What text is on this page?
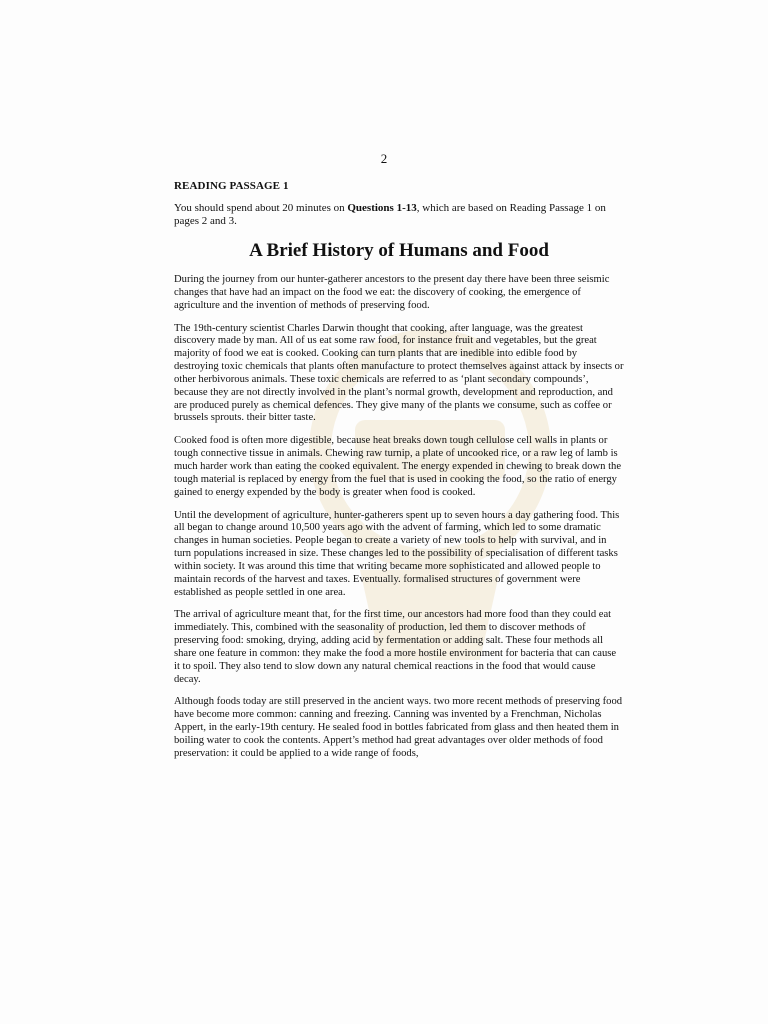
2

READING PASSAGE 1

You should spend about 20 minutes on Questions 1-13, which are based on Reading Passage 1 on pages 2 and 3.

A Brief History of Humans and Food

During the journey from our hunter-gatherer ancestors to the present day there have been three seismic changes that have had an impact on the food we eat: the discovery of cooking, the emergence of agriculture and the invention of methods of preserving food.

The 19th-century scientist Charles Darwin thought that cooking, after language, was the greatest discovery made by man. All of us eat some raw food, for instance fruit and vegetables, but the great majority of food we eat is cooked. Cooking can turn plants that are inedible into edible food by destroying toxic chemicals that plants often manufacture to protect themselves against attack by insects or other herbivorous animals. These toxic chemicals are referred to as ‘plant secondary compounds’, because they are not directly involved in the plant’s normal growth, development and reproduction, and are produced purely as chemical defences. They give many of the plants we consume, such as coffee or brussels sprouts. their bitter taste.

Cooked food is often more digestible, because heat breaks down tough cellulose cell walls in plants or tough connective tissue in animals. Chewing raw turnip, a plate of uncooked rice, or a raw leg of lamb is much harder work than eating the cooked equivalent. The energy expended in chewing to break down the tough material is replaced by energy from the fuel that is used in cooking the food, so the ratio of energy gained to energy expended by the body is greater when food is cooked.

Until the development of agriculture, hunter-gatherers spent up to seven hours a day gathering food. This all began to change around 10,500 years ago with the advent of farming, which led to some dramatic changes in human societies. People began to create a variety of new tools to help with survival, and in turn populations increased in size. These changes led to the possibility of specialisation of different tasks within society. It was around this time that writing became more sophisticated and allowed people to maintain records of the harvest and taxes. Eventually. formalised structures of government were established as people settled in one area.

The arrival of agriculture meant that, for the first time, our ancestors had more food than they could eat immediately. This, combined with the seasonality of production, led them to discover methods of preserving food: smoking, drying, adding acid by fermentation or adding salt. These four methods all share one feature in common: they make the food a more hostile environment for bacteria that can cause it to spoil. They also tend to slow down any natural chemical reactions in the food that would cause decay.

Although foods today are still preserved in the ancient ways. two more recent methods of preserving food have become more common: canning and freezing. Canning was invented by a Frenchman, Nicholas Appert, in the early-19th century. He sealed food in bottles fabricated from glass and then heated them in boiling water to cook the contents. Appert’s method had great advantages over older methods of food preservation: it could be applied to a wide range of foods,
